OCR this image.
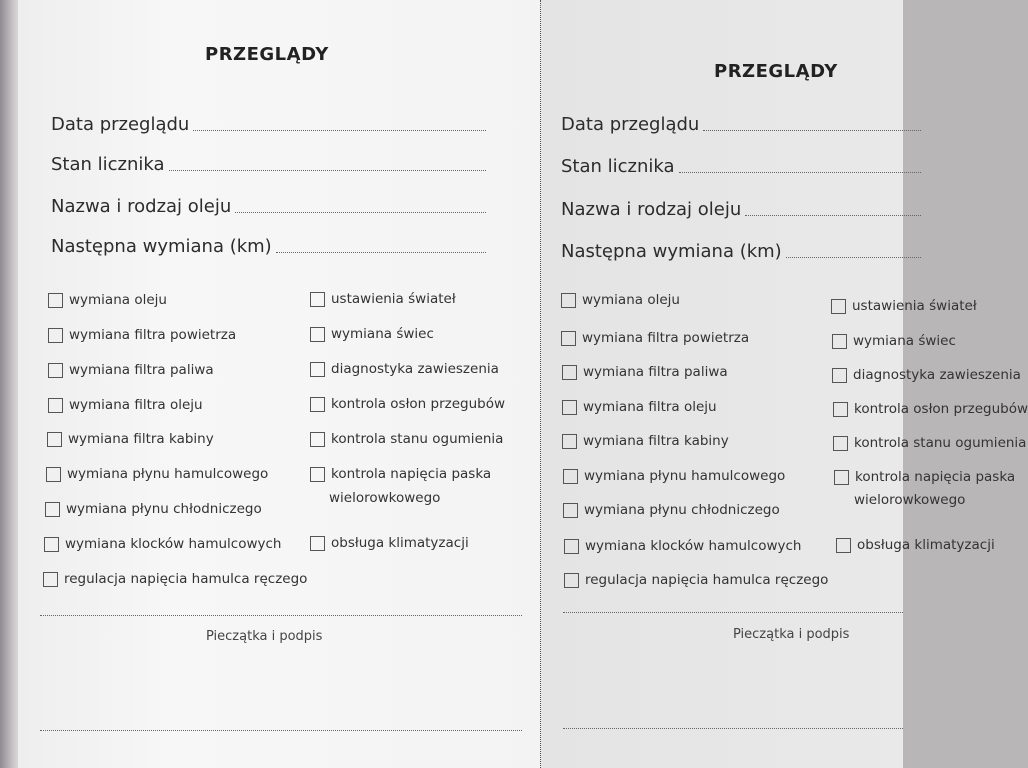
PRZEGLĄDY
Data przeglądu
Stan licznika
Nazwa i rodzaj oleju
Następna wymiana (km)
wymiana oleju
wymiana filtra powietrza
wymiana filtra paliwa
wymiana filtra oleju
wymiana filtra kabiny
wymiana płynu hamulcowego
wymiana płynu chłodniczego
wymiana klocków hamulcowych
regulacja napięcia hamulca ręczego
ustawienia świateł
wymiana świec
diagnostyka zawieszenia
kontrola osłon przegubów
kontrola stanu ogumienia
kontrola napięcia paska
wielorowkowego
obsługa klimatyzacji
Pieczątka i podpis
PRZEGLĄDY
Data przeglądu
Stan licznika
Nazwa i rodzaj oleju
Następna wymiana (km)
wymiana oleju
wymiana filtra powietrza
wymiana filtra paliwa
wymiana filtra oleju
wymiana filtra kabiny
wymiana płynu hamulcowego
wymiana płynu chłodniczego
wymiana klocków hamulcowych
regulacja napięcia hamulca ręczego
ustawienia świateł
wymiana świec
diagnostyka zawieszenia
kontrola osłon przegubów
kontrola stanu ogumienia
kontrola napięcia paska
wielorowkowego
obsługa klimatyzacji
Pieczątka i podpis
